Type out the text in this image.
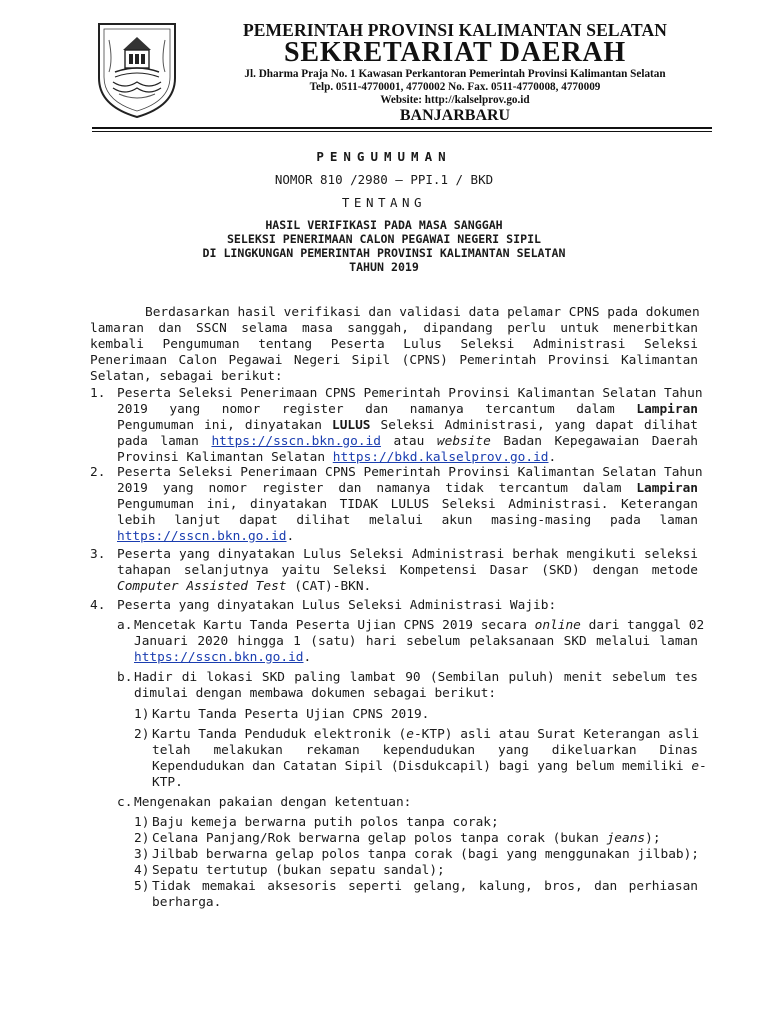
PEMERINTAH PROVINSI KALIMANTAN SELATAN
SEKRETARIAT DAERAH
Jl. Dharma Praja No. 1 Kawasan Perkantoran Pemerintah Provinsi Kalimantan Selatan
Telp. 0511-4770001, 4770002 No. Fax. 0511-4770008, 4770009
Website: http://kalselprov.go.id
BANJARBARU
PENGUMUMAN
NOMOR 810 /2980 – PPI.1 / BKD
TENTANG
HASIL VERIFIKASI PADA MASA SANGGAH
SELEKSI PENERIMAAN CALON PEGAWAI NEGERI SIPIL
DI LINGKUNGAN PEMERINTAH PROVINSI KALIMANTAN SELATAN
TAHUN 2019
Berdasarkan hasil verifikasi dan validasi data pelamar CPNS pada dokumen
lamaran dan SSCN selama masa sanggah, dipandang perlu untuk menerbitkan
kembali Pengumuman tentang Peserta Lulus Seleksi Administrasi Seleksi
Penerimaan Calon Pegawai Negeri Sipil (CPNS) Pemerintah Provinsi Kalimantan
Selatan, sebagai berikut:
1. Peserta Seleksi Penerimaan CPNS Pemerintah Provinsi Kalimantan Selatan Tahun
2019 yang nomor register dan namanya tercantum dalam Lampiran
Pengumuman ini, dinyatakan LULUS Seleksi Administrasi, yang dapat dilihat
pada laman https://sscn.bkn.go.id atau website Badan Kepegawaian Daerah
Provinsi Kalimantan Selatan https://bkd.kalselprov.go.id.
2. Peserta Seleksi Penerimaan CPNS Pemerintah Provinsi Kalimantan Selatan Tahun
2019 yang nomor register dan namanya tidak tercantum dalam Lampiran
Pengumuman ini, dinyatakan TIDAK LULUS Seleksi Administrasi. Keterangan
lebih lanjut dapat dilihat melalui akun masing-masing pada laman
https://sscn.bkn.go.id.
3. Peserta yang dinyatakan Lulus Seleksi Administrasi berhak mengikuti seleksi
tahapan selanjutnya yaitu Seleksi Kompetensi Dasar (SKD) dengan metode
Computer Assisted Test (CAT)-BKN.
4. Peserta yang dinyatakan Lulus Seleksi Administrasi Wajib:
a. Mencetak Kartu Tanda Peserta Ujian CPNS 2019 secara online dari tanggal 02
Januari 2020 hingga 1 (satu) hari sebelum pelaksanaan SKD melalui laman
https://sscn.bkn.go.id.
b. Hadir di lokasi SKD paling lambat 90 (Sembilan puluh) menit sebelum tes
dimulai dengan membawa dokumen sebagai berikut:
1) Kartu Tanda Peserta Ujian CPNS 2019.
2) Kartu Tanda Penduduk elektronik (e-KTP) asli atau Surat Keterangan asli
telah melakukan rekaman kependudukan yang dikeluarkan Dinas
Kependudukan dan Catatan Sipil (Disdukcapil) bagi yang belum memiliki e-
KTP.
c. Mengenakan pakaian dengan ketentuan:
1) Baju kemeja berwarna putih polos tanpa corak;
2) Celana Panjang/Rok berwarna gelap polos tanpa corak (bukan jeans);
3) Jilbab berwarna gelap polos tanpa corak (bagi yang menggunakan jilbab);
4) Sepatu tertutup (bukan sepatu sandal);
5) Tidak memakai aksesoris seperti gelang, kalung, bros, dan perhiasan
berharga.
